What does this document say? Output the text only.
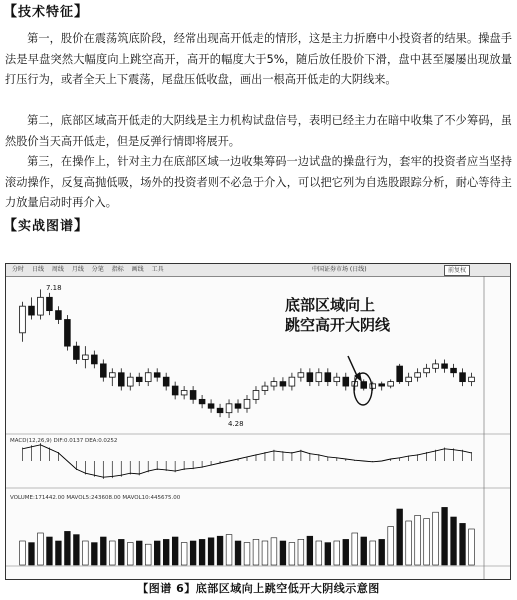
【 技术特征 】
第一，股价在震荡筑底阶段，经常出现高开低走的情形，这是主力折磨中小投资者的结果。操盘手法是早盘突然大幅度向上跳空高开，高开的幅度大于5%，随后放任股价下滑，盘中甚至屡屡出现放量打压行为，或者全天上下震荡，尾盘压低收盘，画出一根高开低走的大阴线来。
第二，底部区域高开低走的大阴线是主力机构试盘信号，表明已经主力在暗中收集了不少筹码，虽然股价当天高开低走，但是反弹行情即将展开。
第三，在操作上，针对主力在底部区域一边收集筹码一边试盘的操盘行为，套牢的投资者应当坚持滚动操作，反复高抛低吸，场外的投资者则不必急于介入，可以把它列为自选股跟踪分析，耐心等待主力放量启动时再介入。
【 实战图谱 】
分时 日线 周线 月线 分笔 指标 画线 工具	中国证券市场 (日线)	前复权
7.18
4.28
MACD(12,26,9) DIF:0.0137 DEA:0.0252
VOLUME:171442.00 MAVOL5:243608.00 MAVOL10:445675.00
底部区域向上
跳空高开大阴线
【图谱 6】底部区域向上跳空低开大阴线示意图
